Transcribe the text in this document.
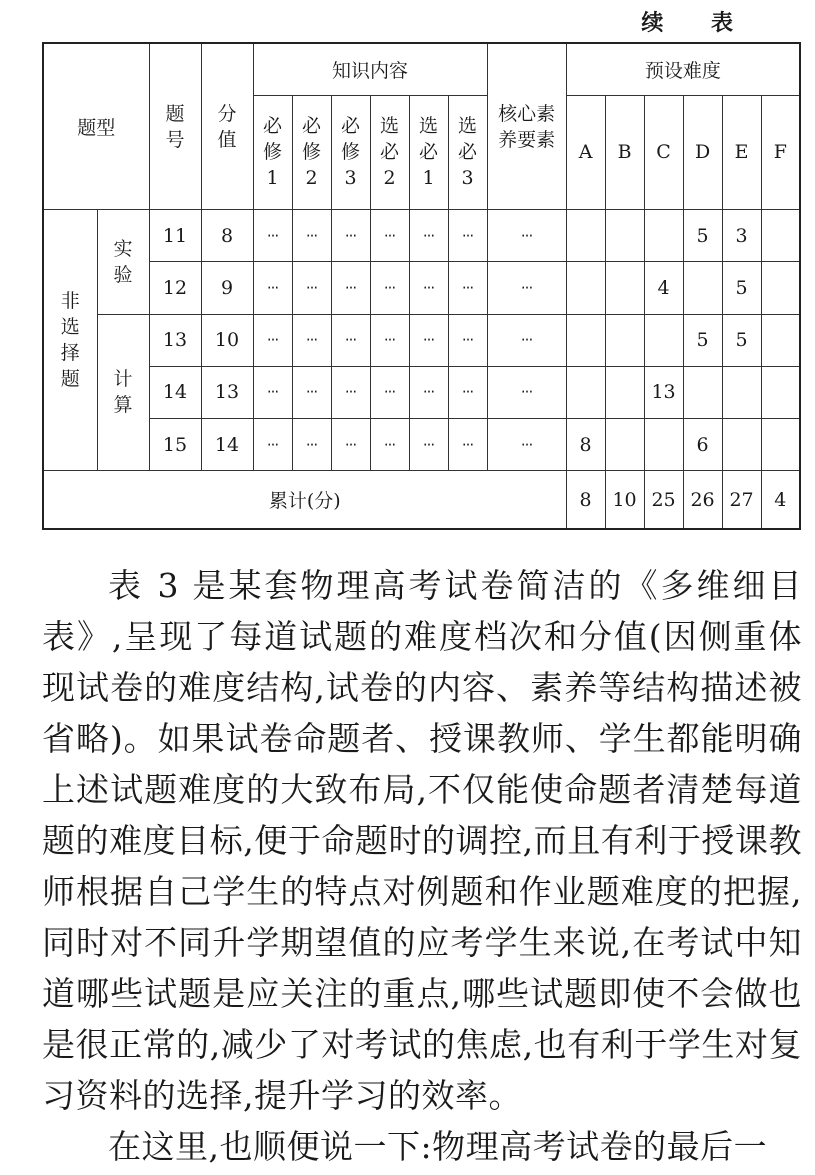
续 表
题型		题号	分值	知识内容						核心素养要素	预设难度					
				必修1	必修2	必修3	选必2	选必1	选必3		A	B	C	D	E	F
非选择题	实验	11	8	···	···	···	···	···	···	···				5	3	
		12	9	···	···	···	···	···	···	···			4		5	
	计算	13	10	···	···	···	···	···	···	···				5	5	
		14	13	···	···	···	···	···	···	···			13			
		15	14	···	···	···	···	···	···	···	8			6		
累计(分)											8	10	25	26	27	4

表 3 是某套物理高考试卷简洁的《多维细目表》,呈现了每道试题的难度档次和分值(因侧重体现试卷的难度结构,试卷的内容、素养等结构描述被省略)。如果试卷命题者、授课教师、学生都能明确上述试题难度的大致布局,不仅能使命题者清楚每道题的难度目标,便于命题时的调控,而且有利于授课教师根据自己学生的特点对例题和作业题难度的把握,同时对不同升学期望值的应考学生来说,在考试中知道哪些试题是应关注的重点,哪些试题即使不会做也是很正常的,减少了对考试的焦虑,也有利于学生对复习资料的选择,提升学习的效率。

在这里,也顺便说一下:物理高考试卷的最后一
